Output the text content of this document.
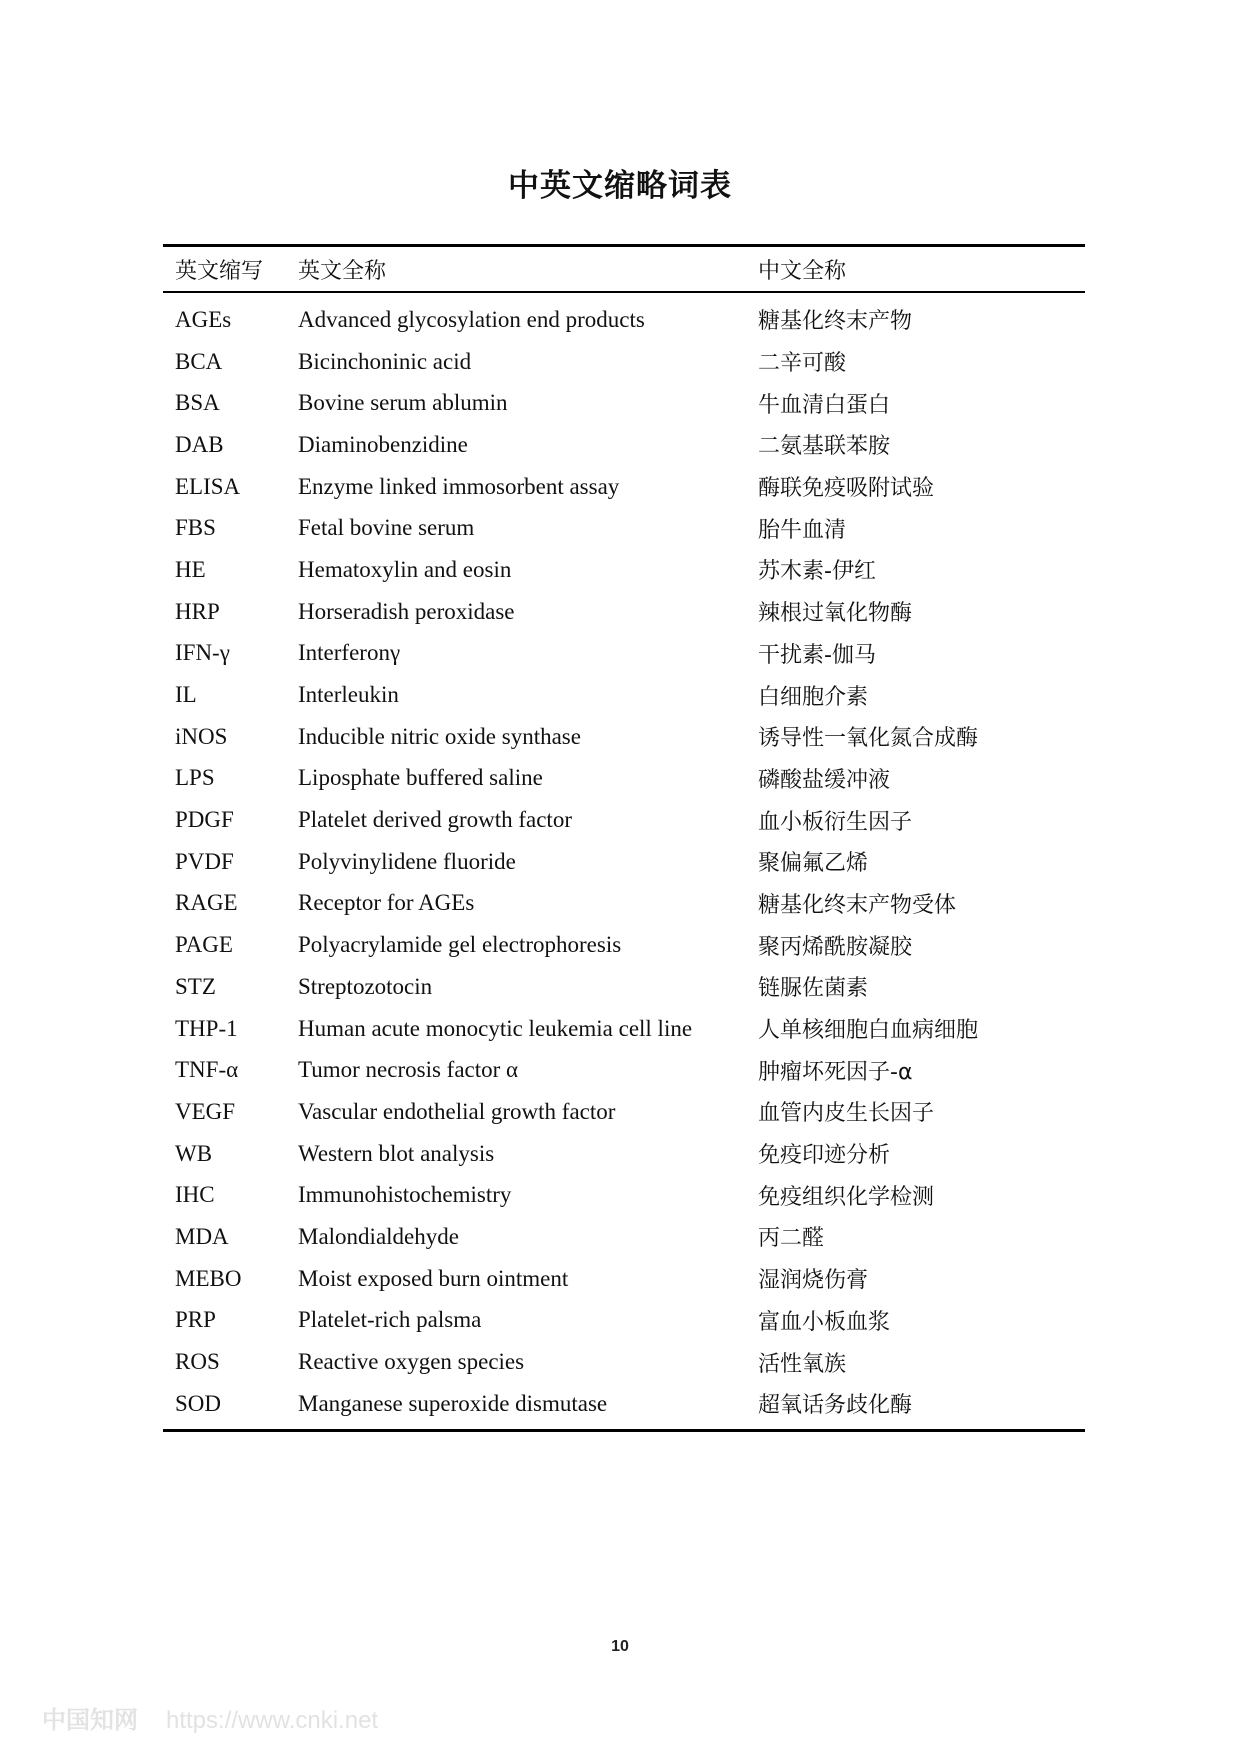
中英文缩略词表
英文缩写	英文全称	中文全称
AGEs	Advanced glycosylation end products	糖基化终末产物
BCA	Bicinchoninic acid	二辛可酸
BSA	Bovine serum ablumin	牛血清白蛋白
DAB	Diaminobenzidine	二氨基联苯胺
ELISA	Enzyme linked immosorbent assay	酶联免疫吸附试验
FBS	Fetal bovine serum	胎牛血清
HE	Hematoxylin and eosin	苏木素-伊红
HRP	Horseradish peroxidase	辣根过氧化物酶
IFN-γ	Interferonγ	干扰素-伽马
IL	Interleukin	白细胞介素
iNOS	Inducible nitric oxide synthase	诱导性一氧化氮合成酶
LPS	Liposphate buffered saline	磷酸盐缓冲液
PDGF	Platelet derived growth factor	血小板衍生因子
PVDF	Polyvinylidene fluoride	聚偏氟乙烯
RAGE	Receptor for AGEs	糖基化终末产物受体
PAGE	Polyacrylamide gel electrophoresis	聚丙烯酰胺凝胶
STZ	Streptozotocin	链脲佐菌素
THP-1	Human acute monocytic leukemia cell line	人单核细胞白血病细胞
TNF-α	Tumor necrosis factor α	肿瘤坏死因子-α
VEGF	Vascular endothelial growth factor	血管内皮生长因子
WB	Western blot analysis	免疫印迹分析
IHC	Immunohistochemistry	免疫组织化学检测
MDA	Malondialdehyde	丙二醛
MEBO	Moist exposed burn ointment	湿润烧伤膏
PRP	Platelet-rich palsma	富血小板血浆
ROS	Reactive oxygen species	活性氧族
SOD	Manganese superoxide dismutase	超氧话务歧化酶
10
中国知网 https://www.cnki.net
